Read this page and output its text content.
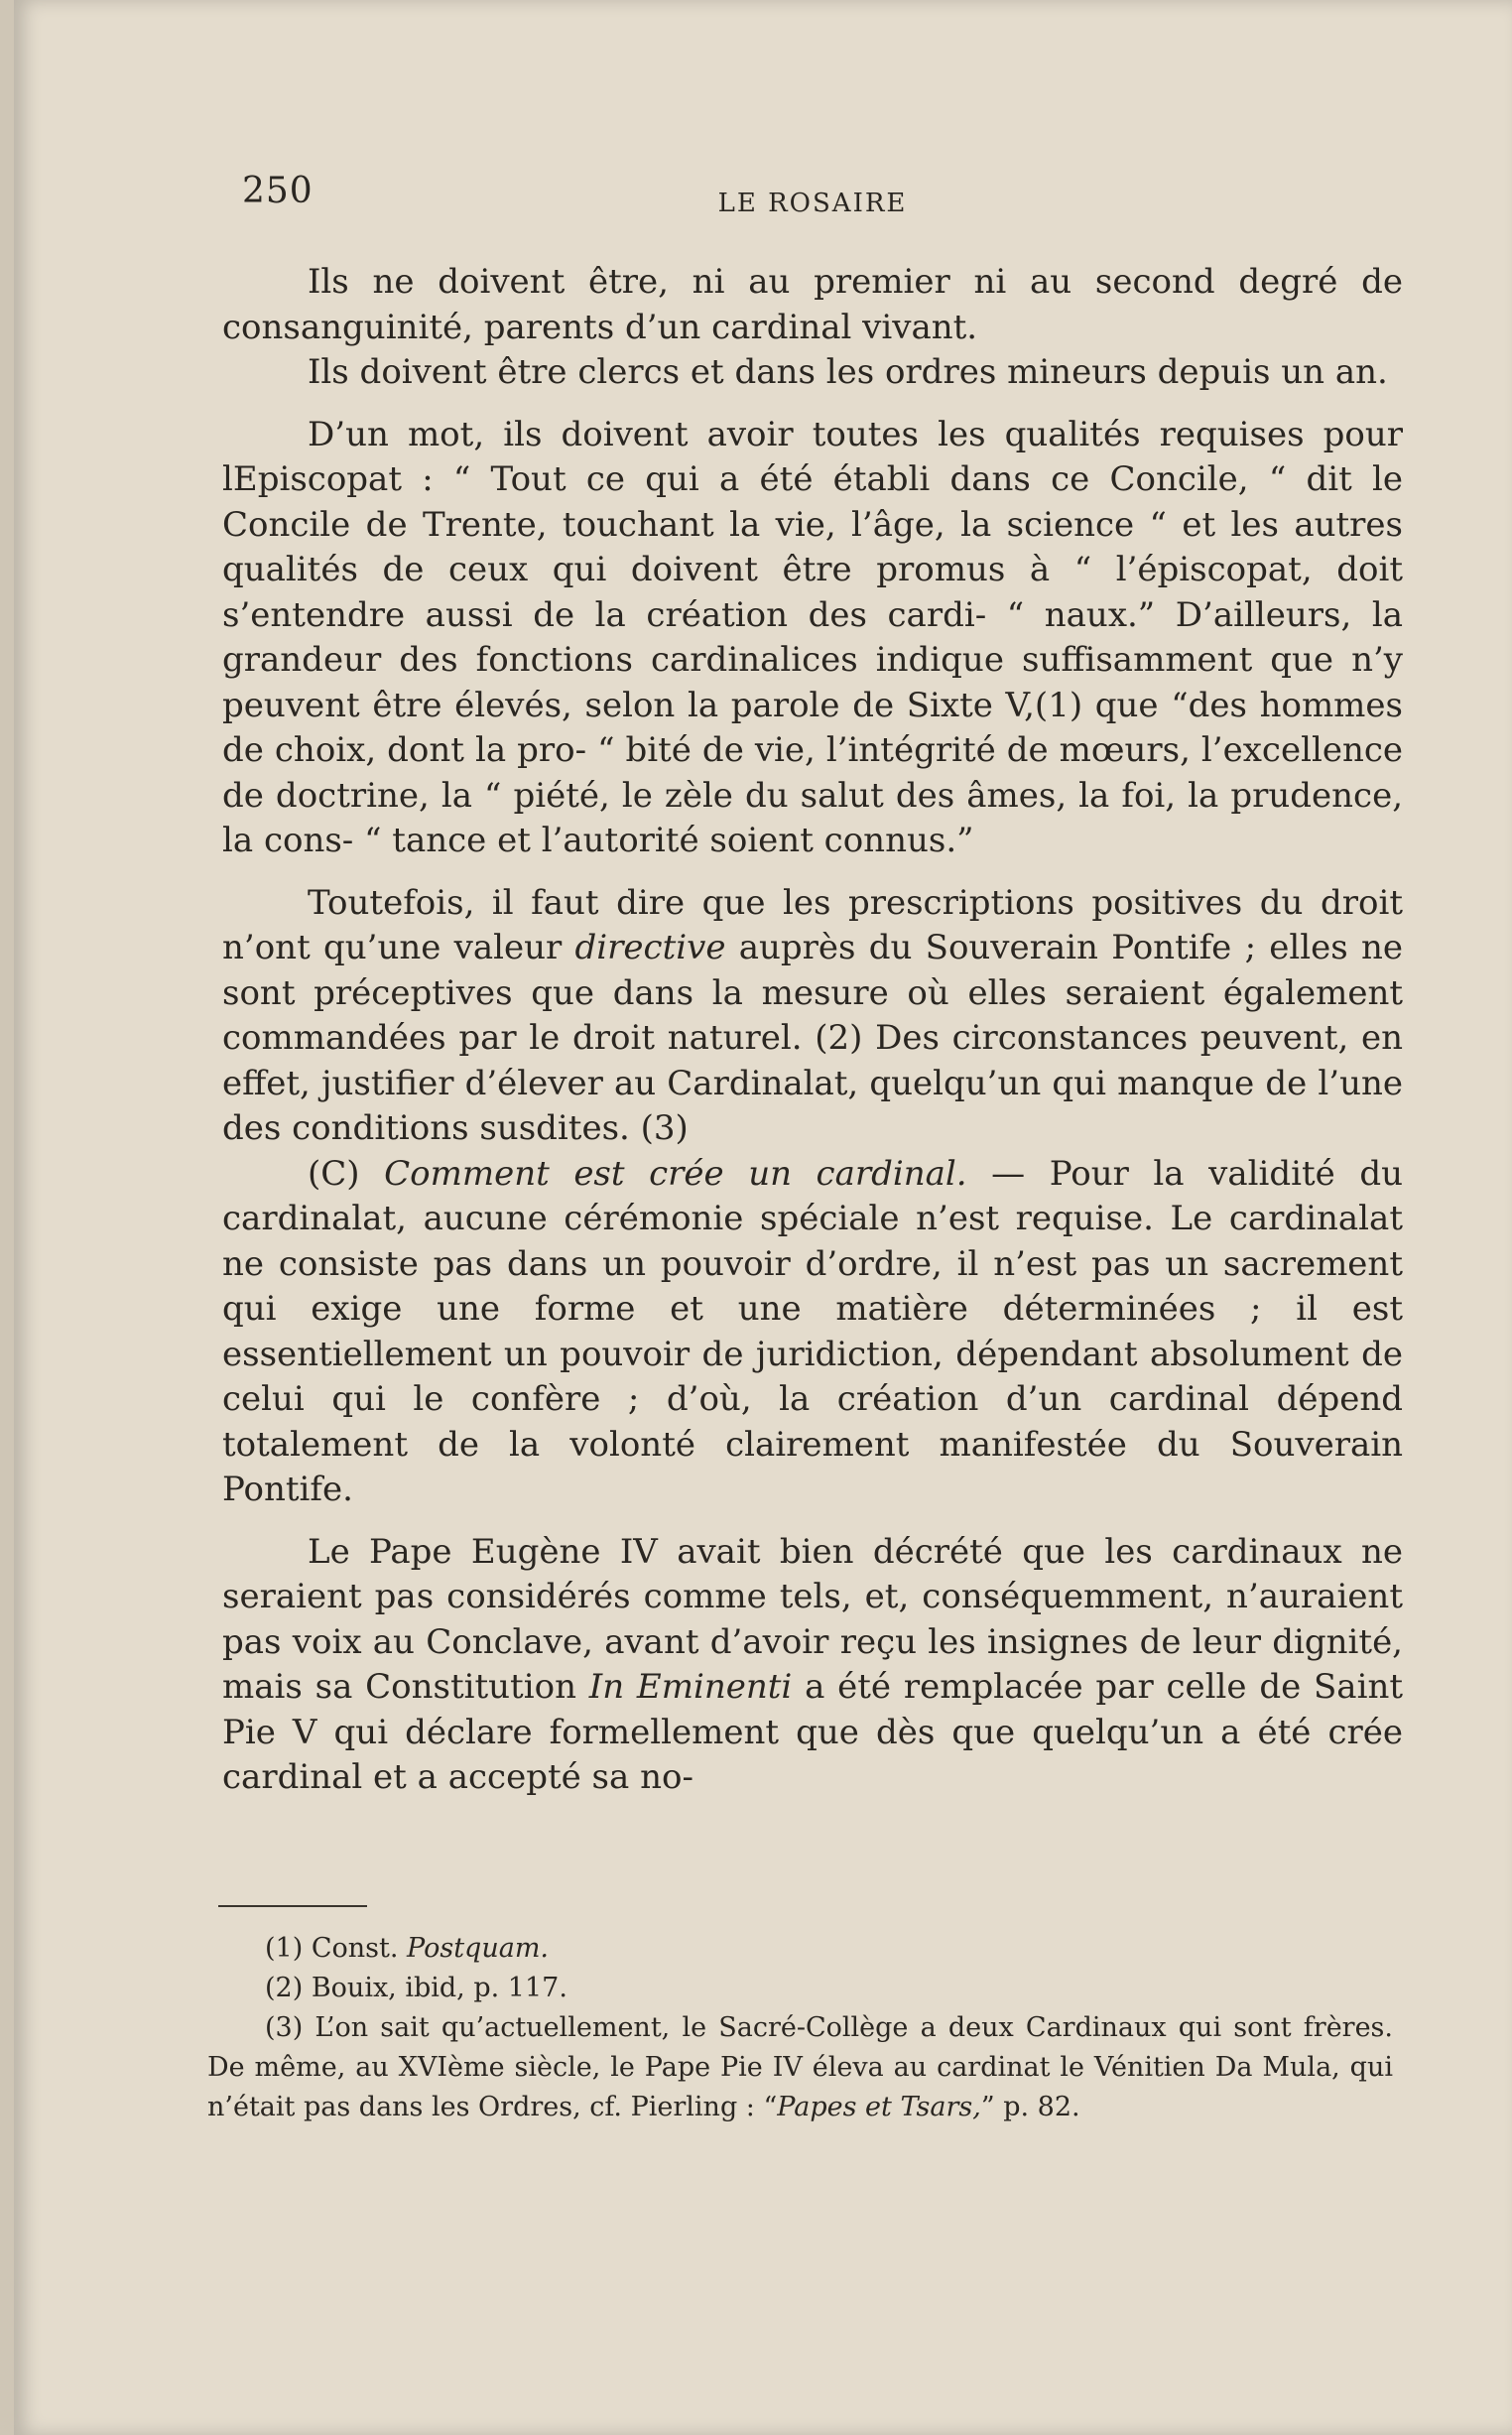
250	LE ROSAIRE

Ils ne doivent être, ni au premier ni au second degré de consanguinité, parents d’un cardinal vivant.

Ils doivent être clercs et dans les ordres mineurs depuis un an.

D’un mot, ils doivent avoir toutes les qualités requises pour lEpiscopat : “ Tout ce qui a été établi dans ce Concile, “ dit le Concile de Trente, touchant la vie, l’âge, la science “ et les autres qualités de ceux qui doivent être promus à “ l’épiscopat, doit s’entendre aussi de la création des cardi- “ naux.” D’ailleurs, la grandeur des fonctions cardinalices indique suffisamment que n’y peuvent être élevés, selon la parole de Sixte V,(1) que “des hommes de choix, dont la pro- “ bité de vie, l’intégrité de mœurs, l’excellence de doctrine, la “ piété, le zèle du salut des âmes, la foi, la prudence, la cons- “ tance et l’autorité soient connus.”

Toutefois, il faut dire que les prescriptions positives du droit n’ont qu’une valeur directive auprès du Souverain Pontife ; elles ne sont préceptives que dans la mesure où elles seraient également commandées par le droit naturel. (2) Des circonstances peuvent, en effet, justifier d’élever au Cardinalat, quelqu’un qui manque de l’une des conditions susdites. (3)

(C) Comment est crée un cardinal. — Pour la validité du cardinalat, aucune cérémonie spéciale n’est requise. Le cardinalat ne consiste pas dans un pouvoir d’ordre, il n’est pas un sacrement qui exige une forme et une matière déterminées ; il est essentiellement un pouvoir de juridiction, dépendant absolument de celui qui le confère ; d’où, la création d’un cardinal dépend totalement de la volonté clairement manifestée du Souverain Pontife.

Le Pape Eugène IV avait bien décrété que les cardinaux ne seraient pas considérés comme tels, et, conséquemment, n’auraient pas voix au Conclave, avant d’avoir reçu les insignes de leur dignité, mais sa Constitution In Eminenti a été remplacée par celle de Saint Pie V qui déclare formellement que dès que quelqu’un a été crée cardinal et a accepté sa no-

(1) Const. Postquam.

(2) Bouix, ibid, p. 117.

(3) L’on sait qu’actuellement, le Sacré-Collège a deux Cardinaux qui sont frères. De même, au XVIème siècle, le Pape Pie IV éleva au cardinat le Vénitien Da Mula, qui n’était pas dans les Ordres, cf. Pierling : “Papes et Tsars,” p. 82.
